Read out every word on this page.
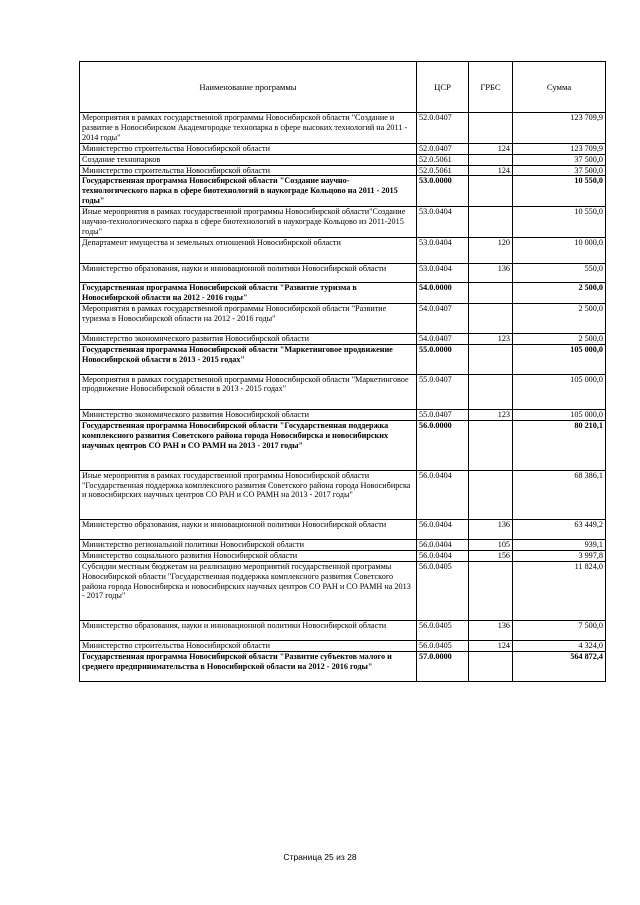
Наименование программы	ЦСР	ГРБС	Сумма
Мероприятия в рамках государственной программы Новосибирской области "Создание и развитие в Новосибирском Академгородке технопарка в сфере высоких технологий на 2011 - 2014 годы"	52.0.0407		123 709,9
Министерство строительства Новосибирской области	52.0.0407	124	123 709,9
Создание технопарков	52.0.5061		37 500,0
Министерство строительства Новосибирской области	52.0.5061	124	37 500,0
Государственная программа Новосибирской области "Создание научно-технологического парка в сфере биотехнологий в наукограде Кольцово на 2011 - 2015 годы"	53.0.0000		10 550,0
Иные мероприятия в рамках государственной программы Новосибирской области"Создание научно-технологического парка в сфере биотехнологий в наукограде Кольцово из 2011-2015 годы"	53.0.0404		10 550,0
Департамент имущества и земельных отношений Новосибирской области	53.0.0404	120	10 000,0
Министерство образования, науки и инновационной политики Новосибирской области	53.0.0404	136	550,0
Государственная программа Новосибирской области "Развитие туризма в Новосибирской области на 2012 - 2016 годы"	54.0.0000		2 500,0
Мероприятия в рамках государственной программы Новосибирской области "Развитие туризма в Новосибирской области на 2012 - 2016 годы"	54.0.0407		2 500,0
Министерство экономического развития Новосибирской области	54.0.0407	123	2 500,0
Государственная программа Новосибирской области "Маркетинговое продвижение Новосибирской области в 2013 - 2015 годах"	55.0.0000		105 000,0
Мероприятия в рамках государственной программы Новосибирской области "Маркетинговое продвижение Новосибирской области в 2013 - 2015 годах"	55.0.0407		105 000,0
Министерство экономического развития Новосибирской области	55.0.0407	123	105 000,0
Государственная программа Новосибирской области "Государственная поддержка комплексного развития Советского района города Новосибирска и новосибирских научных центров СО РАН и СО РАМН на 2013 - 2017 годы"	56.0.0000		80 210,1
Иные мероприятия в рамках государственной программы Новосибирской области "Государственная поддержка комплексного развития Советского района города Новосибирска и новосибирских научных центров СО РАН и СО РАМН на 2013 - 2017 годы"	56.0.0404		68 386,1
Министерство образования, науки и инновационной политики Новосибирской области	56.0.0404	136	63 449,2
Министерство региональной политики Новосибирской области	56.0.0404	105	939,1
Министерство социального развития Новосибирской области	56.0.0404	156	3 997,8
Субсидии местным бюджетам на реализацию мероприятий государственной программы Новосибирской области "Государственная поддержка комплексного развития Советского района города Новосибирска и новосибирских научных центров СО РАН и СО РАМН на 2013 - 2017 годы"	56.0.0405		11 824,0
Министерство образования, науки и инновационной политики Новосибирской области	56.0.0405	136	7 500,0
Министерство строительства Новосибирской области	56.0.0405	124	4 324,0
Государственная программа Новосибирской области "Развитие субъектов малого и среднего предпринимательства в Новосибирской области на 2012 - 2016 годы"	57.0.0000		564 872,4
Страница 25 из 28
